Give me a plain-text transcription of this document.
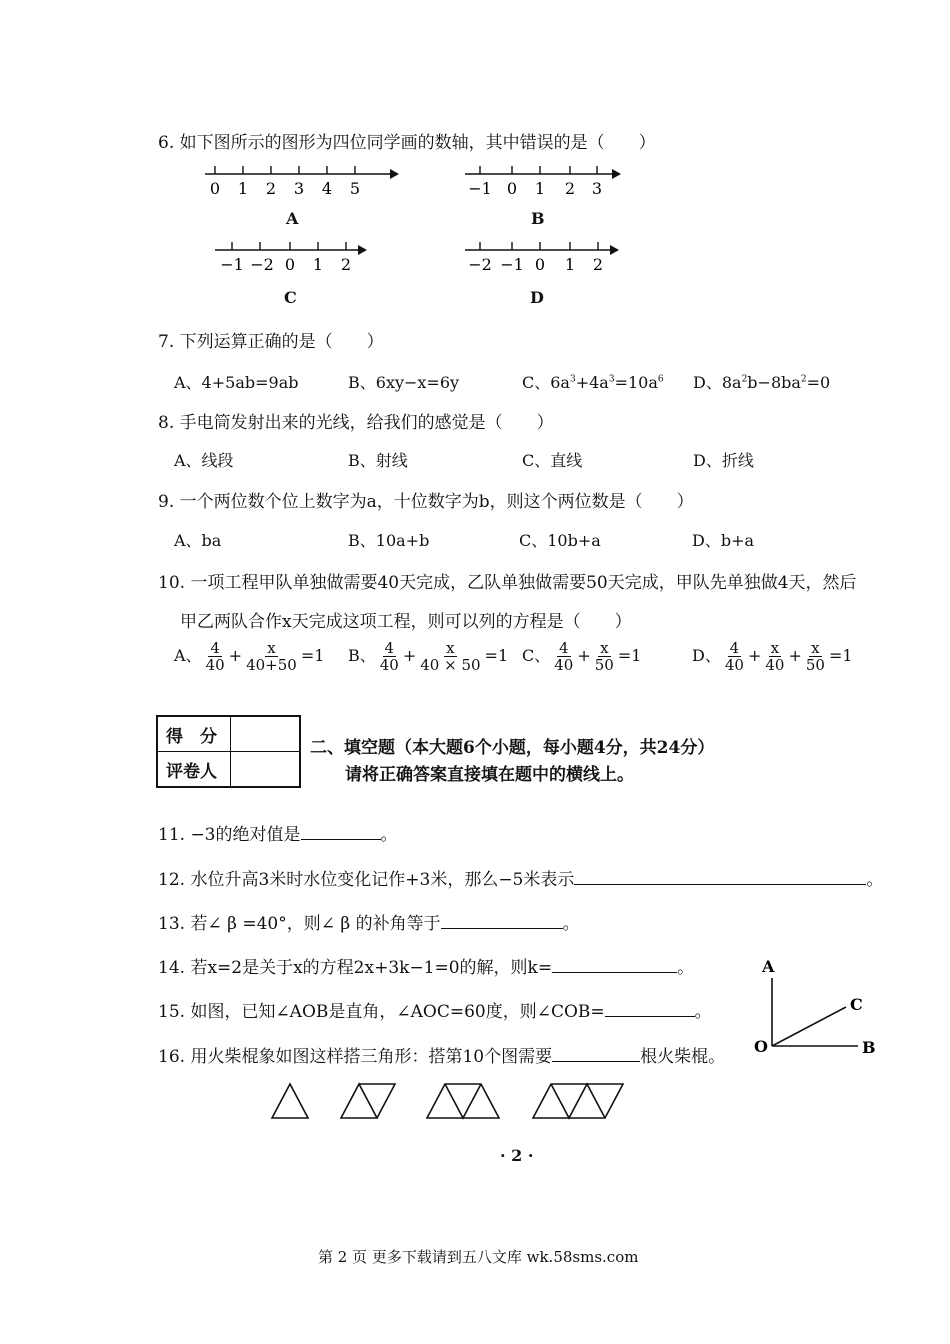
6. 如下图所示的图形为四位同学画的数轴，其中错误的是（　　）
0 1 2 3 4 5
A
−1 0 1 2 3
B
−1 −2 0 1 2
C
−2 −1 0 1 2
D
7. 下列运算正确的是（　　）
A、4+5ab=9ab	B、6xy−x=6y	C、$6a^3+4a^3=10a^6$ D、$8a^2b-8ba^2=0$
8. 手电筒发射出来的光线，给我们的感觉是（　　）
A、线段	B、射线	C、直线	D、折线
9. 一个两位数个位上数字为a，十位数字为b，则这个两位数是（　　）
A、ba	B、10a+b	C、10b+a	D、b+a
10. 一项工程甲队单独做需要40天完成，乙队单独做需要50天完成，甲队先单独做4天，然后
甲乙两队合作x天完成这项工程，则可以列的方程是（　　）
A、 $\frac{4}{40} + \frac{x}{40+50} =1$ B、 $\frac{4}{40} + \frac{x}{40 \times 50} =1$ C、 $\frac{4}{40} + \frac{x}{50} =1$	D、 $\frac{4}{40} + \frac{x}{40} + \frac{x}{50} =1$
得　分	
评卷人	
二、填空题（本大题6个小题，每小题4分，共24分）
请将正确答案直接填在题中的横线上。
11. −3的绝对值是	。
12. 水位升高3米时水位变化记作+3米，那么−5米表示	。
13. 若∠ β =40°，则∠ β 的补角等于	。
14. 若x=2是关于x的方程2x+3k−1=0的解，则k=	。
15. 如图，已知∠AOB是直角，∠AOC=60度，则∠COB=	。
16. 用火柴棍象如图这样搭三角形：搭第10个图需要	根火柴棍。
A
C
B
O
· 2 ·
第 2 页 更多下载请到五八文库 wk.58sms.com
